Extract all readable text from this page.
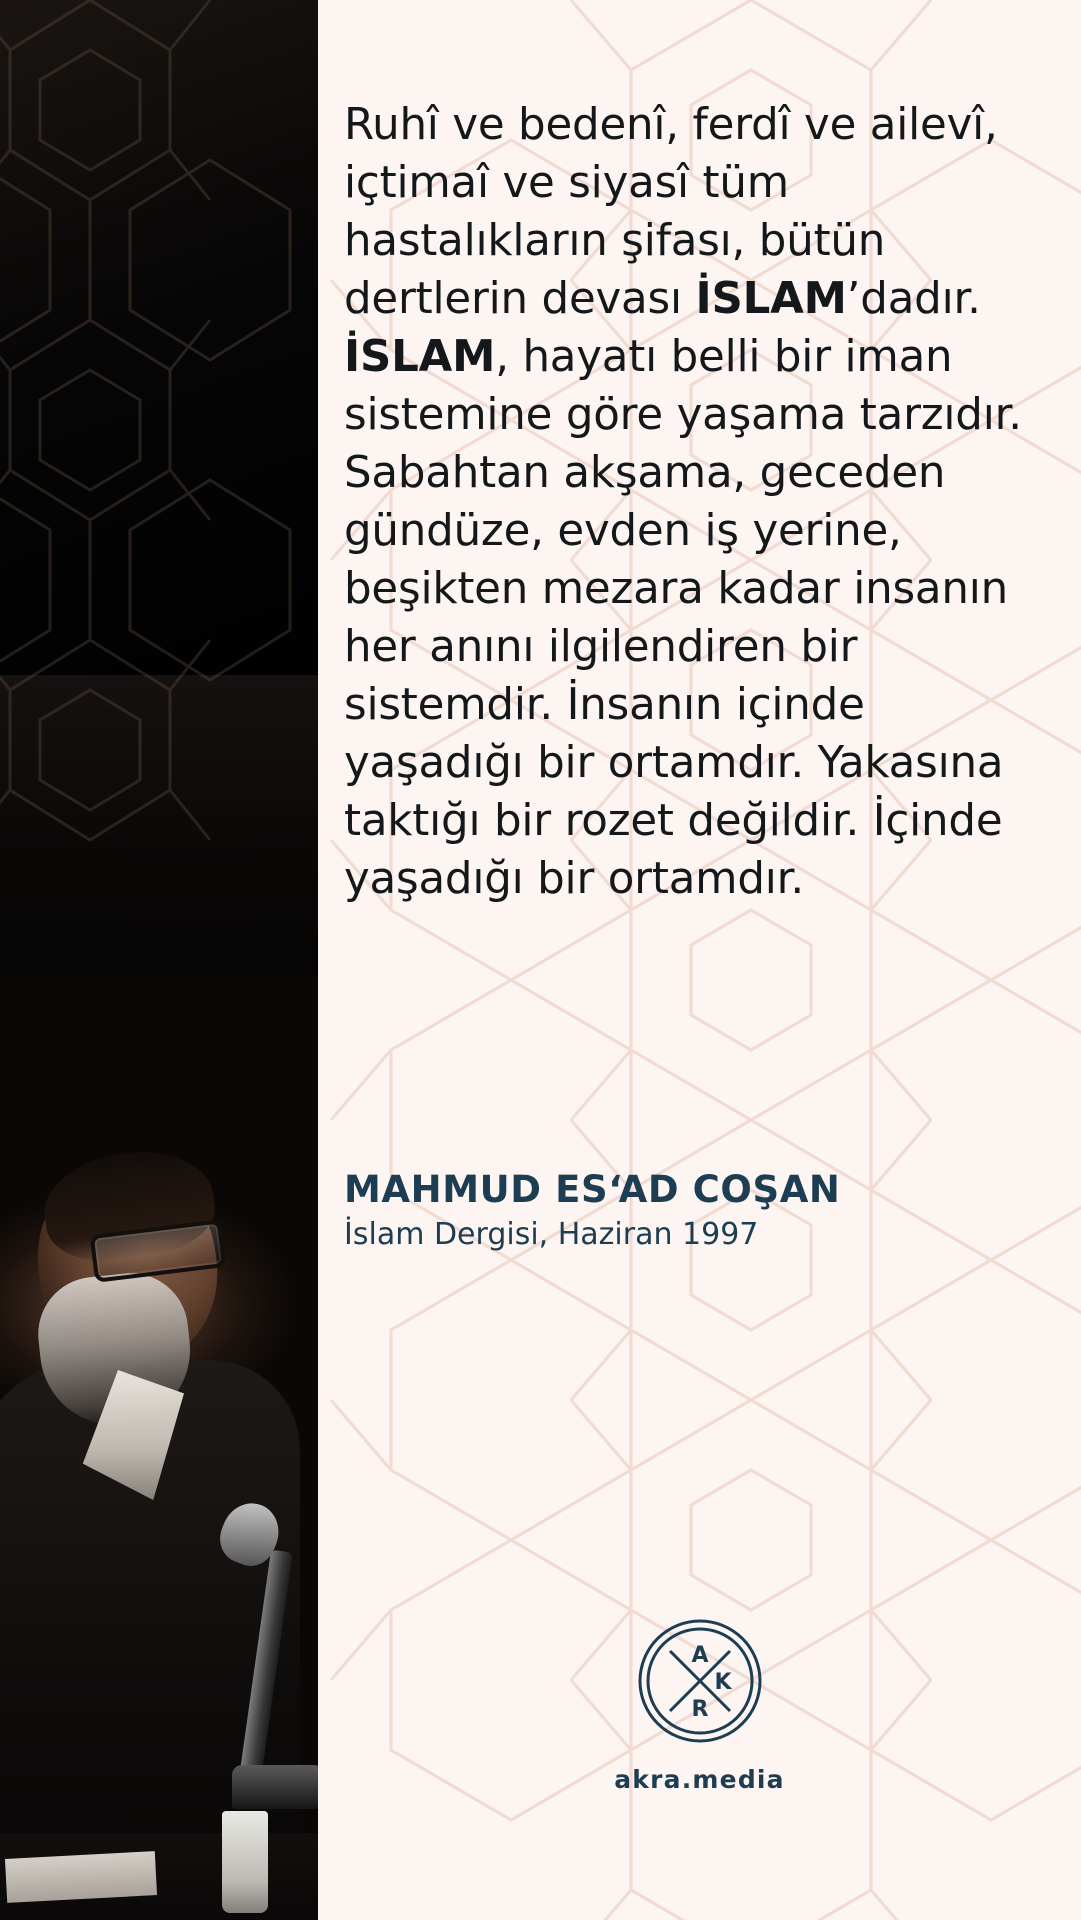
Ruhî ve bedenî, ferdî ve ailevî, içtimaî ve siyasî tüm hastalıkların şifası, bütün dertlerin devası İSLAM’dadır.
İSLAM, hayatı belli bir iman sistemine göre yaşama tarzıdır. Sabahtan akşama, geceden gündüze, evden iş yerine, beşikten mezara kadar insanın her anını ilgilendiren bir sistemdir. İnsanın içinde yaşadığı bir ortamdır. Yakasına taktığı bir rozet değildir. İçinde yaşadığı bir ortamdır.
MAHMUD ES‘AD COŞAN
İslam Dergisi, Haziran 1997
A
K
R
akra.media
